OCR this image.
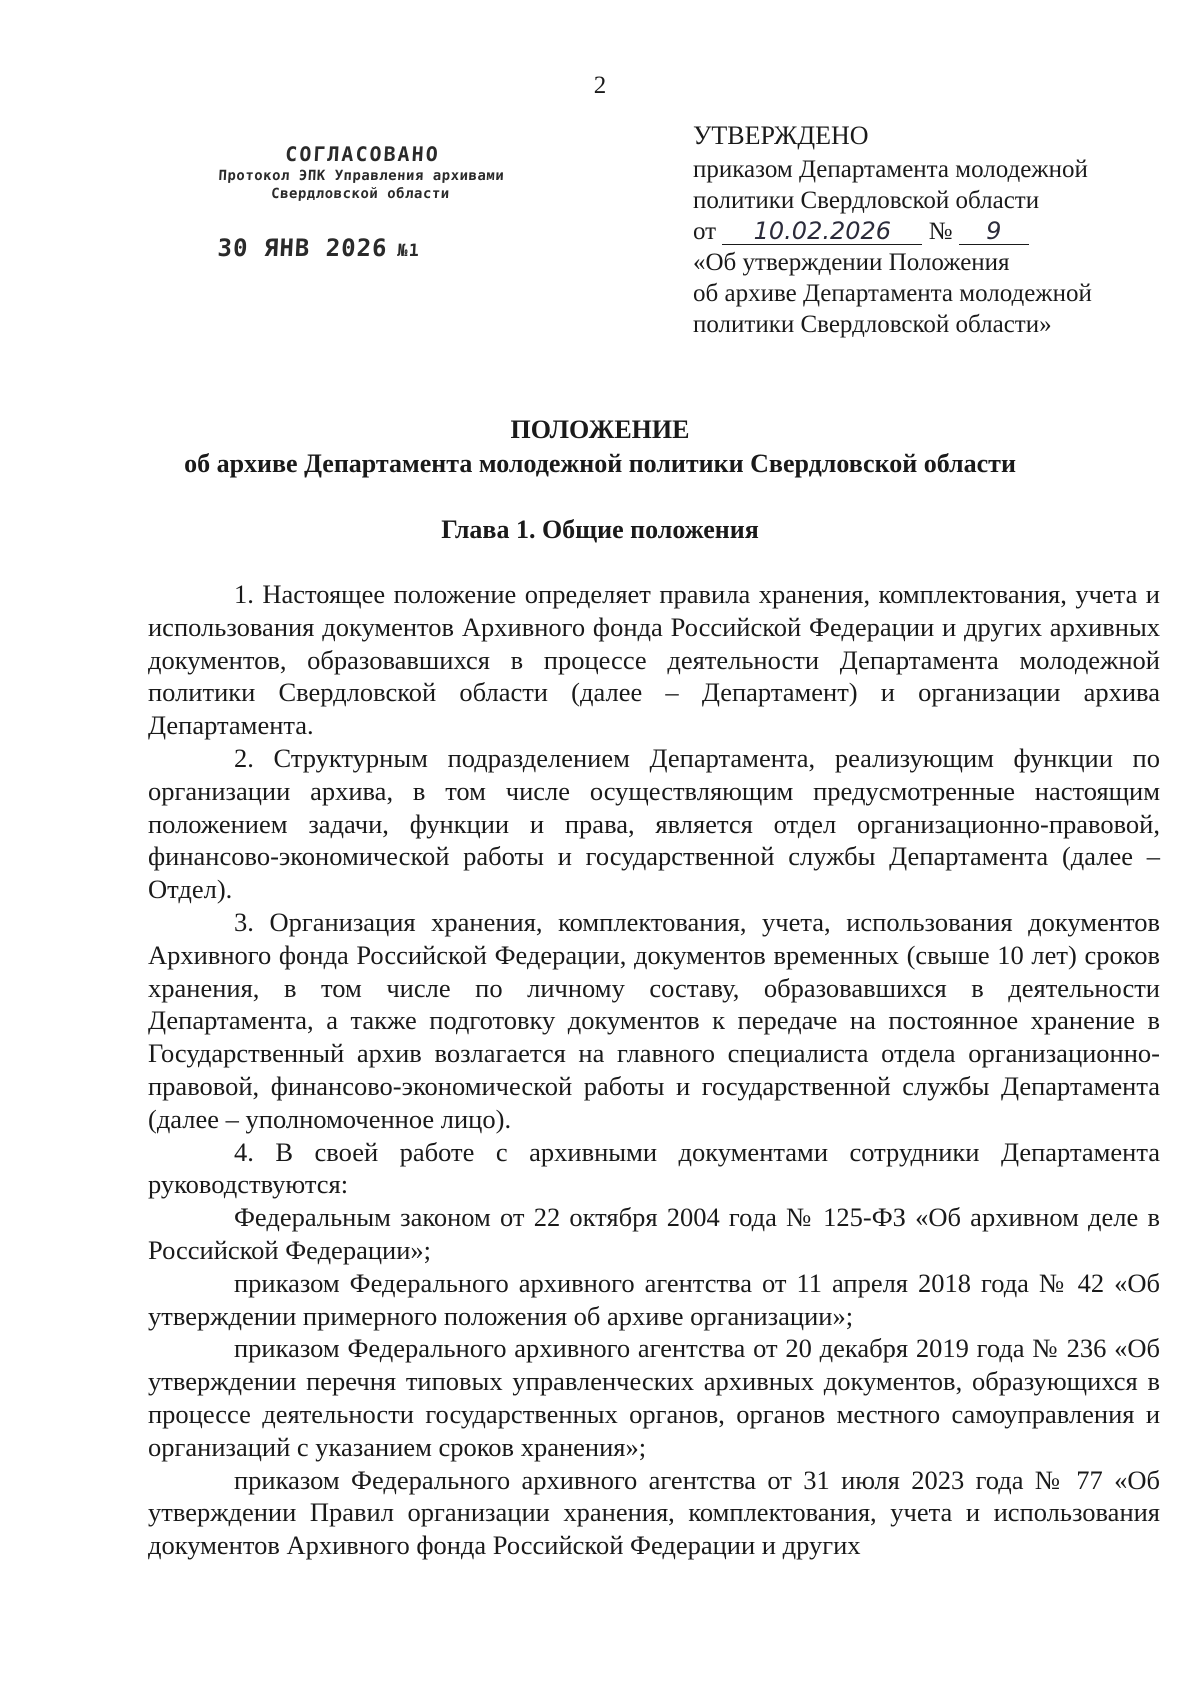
2
СОГЛАСОВАНО
Протокол ЭПК Управления архивами
Свердловской области
30 ЯНВ 2026 №1
УТВЕРЖДЕНО
приказом Департамента молодежной
политики Свердловской области
от 10.02.2026 № 9
«Об утверждении Положения
об архиве Департамента молодежной
политики Свердловской области»
ПОЛОЖЕНИЕ
об архиве Департамента молодежной политики Свердловской области
Глава 1. Общие положения

1. Настоящее положение определяет правила хранения, комплектования, учета и использования документов Архивного фонда Российской Федерации и других архивных документов, образовавшихся в процессе деятельности Департамента молодежной политики Свердловской области (далее – Департамент) и организации архива Департамента.

2. Структурным подразделением Департамента, реализующим функции по организации архива, в том числе осуществляющим предусмотренные настоящим положением задачи, функции и права, является отдел организационно-правовой, финансово-экономической работы и государственной службы Департамента (далее – Отдел).

3. Организация хранения, комплектования, учета, использования документов Архивного фонда Российской Федерации, документов временных (свыше 10 лет) сроков хранения, в том числе по личному составу, образовавшихся в деятельности Департамента, а также подготовку документов к передаче на постоянное хранение в Государственный архив возлагается на главного специалиста отдела организационно-правовой, финансово-экономической работы и государственной службы Департамента (далее – уполномоченное лицо).

4. В своей работе с архивными документами сотрудники Департамента руководствуются:

Федеральным законом от 22 октября 2004 года № 125-ФЗ «Об архивном деле в Российской Федерации»;

приказом Федерального архивного агентства от 11 апреля 2018 года № 42 «Об утверждении примерного положения об архиве организации»;

приказом Федерального архивного агентства от 20 декабря 2019 года № 236 «Об утверждении перечня типовых управленческих архивных документов, образующихся в процессе деятельности государственных органов, органов местного самоуправления и организаций с указанием сроков хранения»;

приказом Федерального архивного агентства от 31 июля 2023 года № 77 «Об утверждении Правил организации хранения, комплектования, учета и использования документов Архивного фонда Российской Федерации и других
